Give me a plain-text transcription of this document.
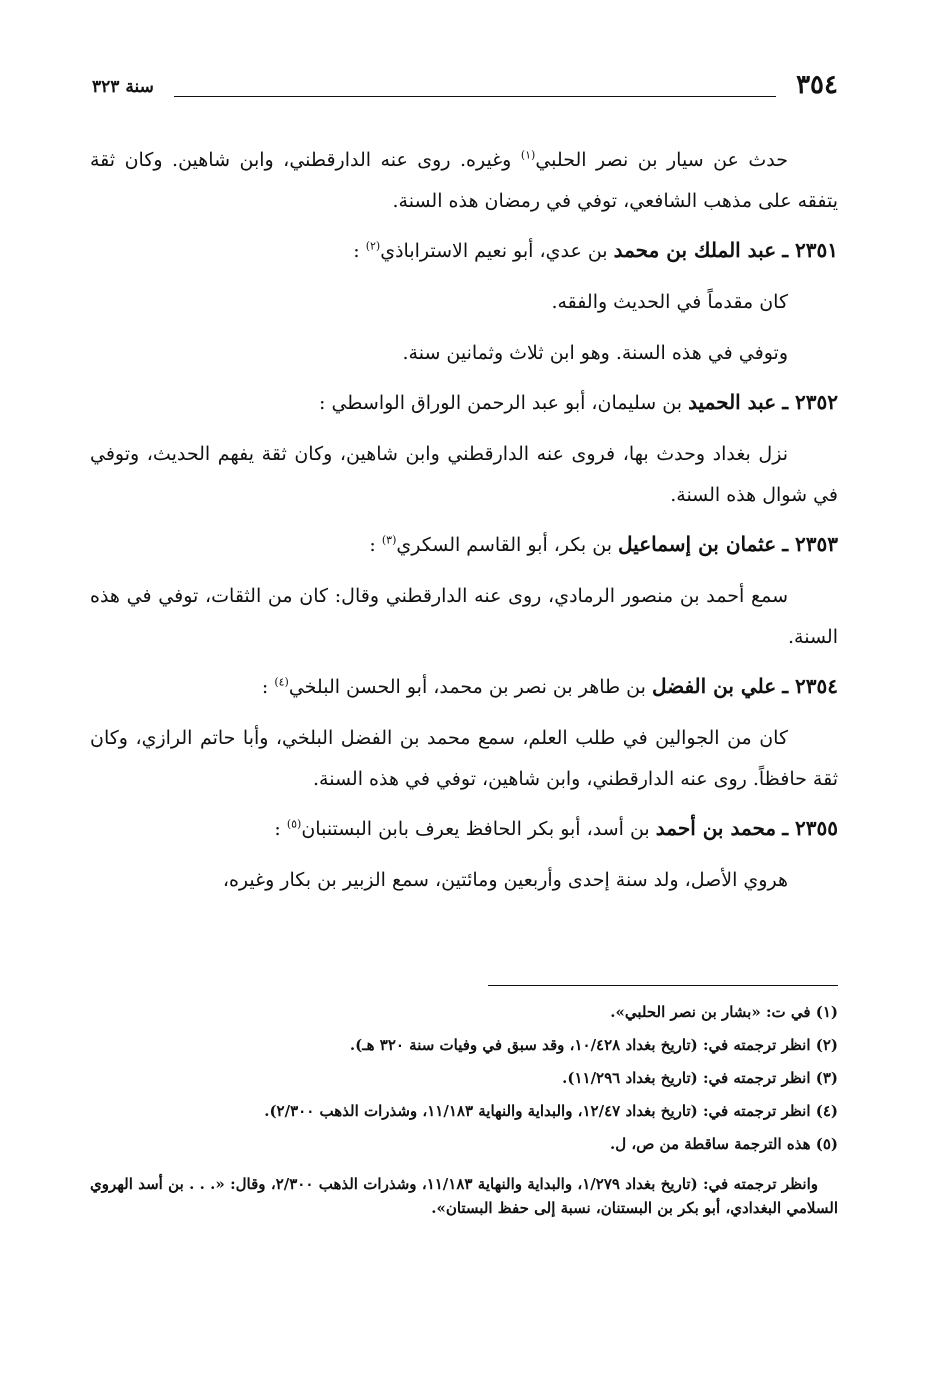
٣٥٤
سنة ٣٢٣

حدث عن سيار بن نصر الحلبي$^{(١)}$ وغيره. روى عنه الدارقطني، وابن شاهين. وكان ثقة يتفقه على مذهب الشافعي، توفي في رمضان هذه السنة.

٢٣٥١ ـ عبد الملك بن محمد بن عدي، أبو نعيم الاستراباذي$^{(٢)}$ :

كان مقدماً في الحديث والفقه.

وتوفي في هذه السنة. وهو ابن ثلاث وثمانين سنة.

٢٣٥٢ ـ عبد الحميد بن سليمان، أبو عبد الرحمن الوراق الواسطي :

نزل بغداد وحدث بها، فروى عنه الدارقطني وابن شاهين، وكان ثقة يفهم الحديث، وتوفي في شوال هذه السنة.

٢٣٥٣ ـ عثمان بن إسماعيل بن بكر، أبو القاسم السكري$^{(٣)}$ :

سمع أحمد بن منصور الرمادي، روى عنه الدارقطني وقال: كان من الثقات، توفي في هذه السنة.

٢٣٥٤ ـ علي بن الفضل بن طاهر بن نصر بن محمد، أبو الحسن البلخي$^{(٤)}$ :

كان من الجوالين في طلب العلم، سمع محمد بن الفضل البلخي، وأبا حاتم الرازي، وكان ثقة حافظاً. روى عنه الدارقطني، وابن شاهين، توفي في هذه السنة.

٢٣٥٥ ـ محمد بن أحمد بن أسد، أبو بكر الحافظ يعرف بابن البستنبان$^{(٥)}$ :

هروي الأصل، ولد سنة إحدى وأربعين ومائتين، سمع الزبير بن بكار وغيره،

(١) في ت: «بشار بن نصر الحلبي».

(٢) انظر ترجمته في: (تاريخ بغداد ١٠/٤٢٨، وقد سبق في وفيات سنة ٣٢٠ هـ).

(٣) انظر ترجمته في: (تاريخ بغداد ١١/٢٩٦).

(٤) انظر ترجمته في: (تاريخ بغداد ١٢/٤٧، والبداية والنهاية ١١/١٨٣، وشذرات الذهب ٢/٣٠٠).

(٥) هذه الترجمة ساقطة من ص، ل.

وانظر ترجمته في: (تاريخ بغداد ١/٢٧٩، والبداية والنهاية ١١/١٨٣، وشذرات الذهب ٢/٣٠٠، وقال: «. . . بن أسد الهروي السلامي البغدادي، أبو بكر بن البستنان، نسبة إلى حفظ البستان».
